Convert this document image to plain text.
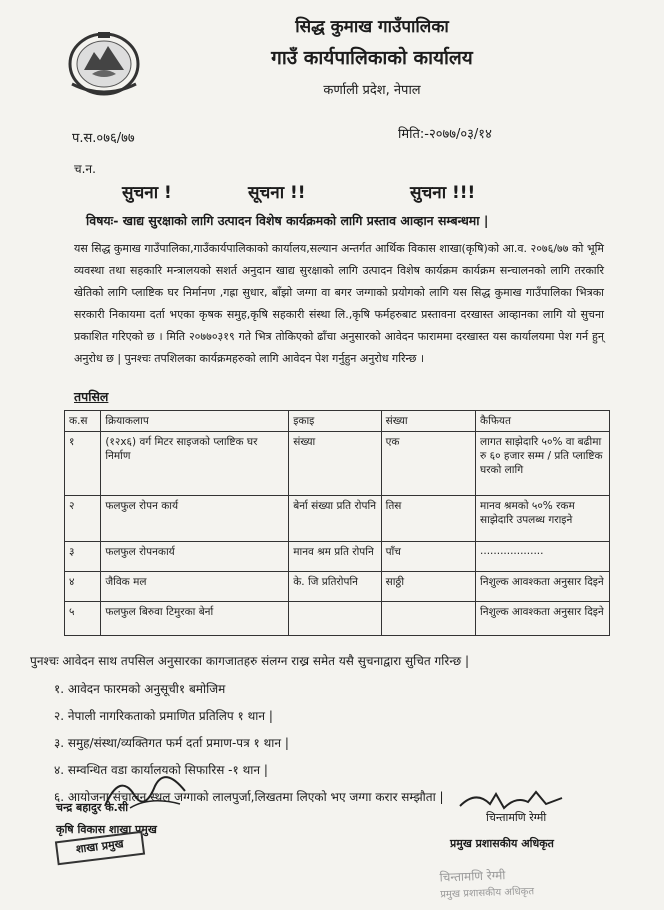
सिद्ध कुमाख गाउँपालिका
गाउँ कार्यपालिकाको कार्यालय
कर्णाली प्रदेश, नेपाल
प.स.०७६/७७	मिति:-२०७७/०३/१४
च.न.
सुचना !	सूचना !!	सुचना !!!
विषयः- खाद्य सुरक्षाको लागि उत्पादन विशेष कार्यक्रमको लागि प्रस्ताव आव्हान सम्बन्धमा |
यस सिद्ध कुमाख गाउँपालिका,गाउँकार्यपालिकाको कार्यालय,सल्यान अन्तर्गत आर्थिक विकास शाखा(कृषि)को आ.व. २०७६/७७ को भूमि व्यवस्था तथा सहकारि मन्त्रालयको सशर्त अनुदान खाद्य सुरक्षाको लागि उत्पादन विशेष कार्यक्रम कार्यक्रम सन्चालनको लागि तरकारि खेतिको लागि प्लाष्टिक घर निर्मानण ,गह्रा सुधार, बाँझो जग्गा वा बगर जग्गाको प्रयोगको लागि यस सिद्ध कुमाख गाउँपालिका भित्रका सरकारी निकायमा दर्ता भएका कृषक समुह,कृषि सहकारी संस्था लि.,कृषि फर्महरुबाट प्रस्तावना दरखास्त आव्हानका लागि यो सुचना प्रकाशित गरिएको छ । मिति २०७७०३१९ गते भित्र तोकिएको ढाँचा अनुसारको आवेदन फाराममा दरखास्त यस कार्यालयमा पेश गर्न हुन् अनुरोध छ | पुनश्चः तपशिलका कार्यक्रमहरुको लागि आवेदन पेश गर्नुहुन अनुरोध गरिन्छ ।
तपसिल
क.स	क्रियाकलाप	इकाइ	संख्या	कैफियत
१	(१२x६) वर्ग मिटर साइजको प्लाष्टिक घर निर्माण	संख्या	एक	लागत साझेदारि ५०% वा बढीमा रु ६० हजार सम्म / प्रति प्लाष्टिक घरको लागि
२	फलफुल रोपन कार्य	बेर्ना संख्या प्रति रोपनि	तिस	मानव श्रमको ५०% रकम साझेदारि उपलब्ध गराइने
३	फलफुल रोपनकार्य	मानव श्रम प्रति रोपनि	पाँच	...................
४	जैविक मल	के. जि प्रतिरोपनि	साठ्ठी	निशुल्क आवश्कता अनुसार दिइने
५	फलफुल बिरुवा टिमुरका बेर्ना			निशुल्क आवश्कता अनुसार दिइने
पुनश्चः आवेदन साथ तपसिल अनुसारका कागजातहरु संलग्न राख्र समेत यसै सुचनाद्वारा सुचित गरिन्छ |
१. आवेदन फारमको अनुसूची१ बमोजिम
२. नेपाली नागरिकताको प्रमाणित प्रतिलिप १ थान |
३. समुह/संस्था/व्यक्तिगत फर्म दर्ता प्रमाण-पत्र १ थान |
४. सम्वन्धित वडा कार्यालयको सिफारिस -१ थान |
६. आयोजना संचालन स्थल जग्गाको लालपुर्जा,लिखतमा लिएको भए जग्गा करार सम्झौता |
चन्द्र बहादुर के.सी
कृषि विकास शाखा प्रमुख
शाखा प्रमुख
चिन्तामणि रेग्मी
प्रमुख प्रशासकीय अधिकृत
चिन्तामणि रेग्मी
प्रमुख प्रशासकीय अधिकृत
